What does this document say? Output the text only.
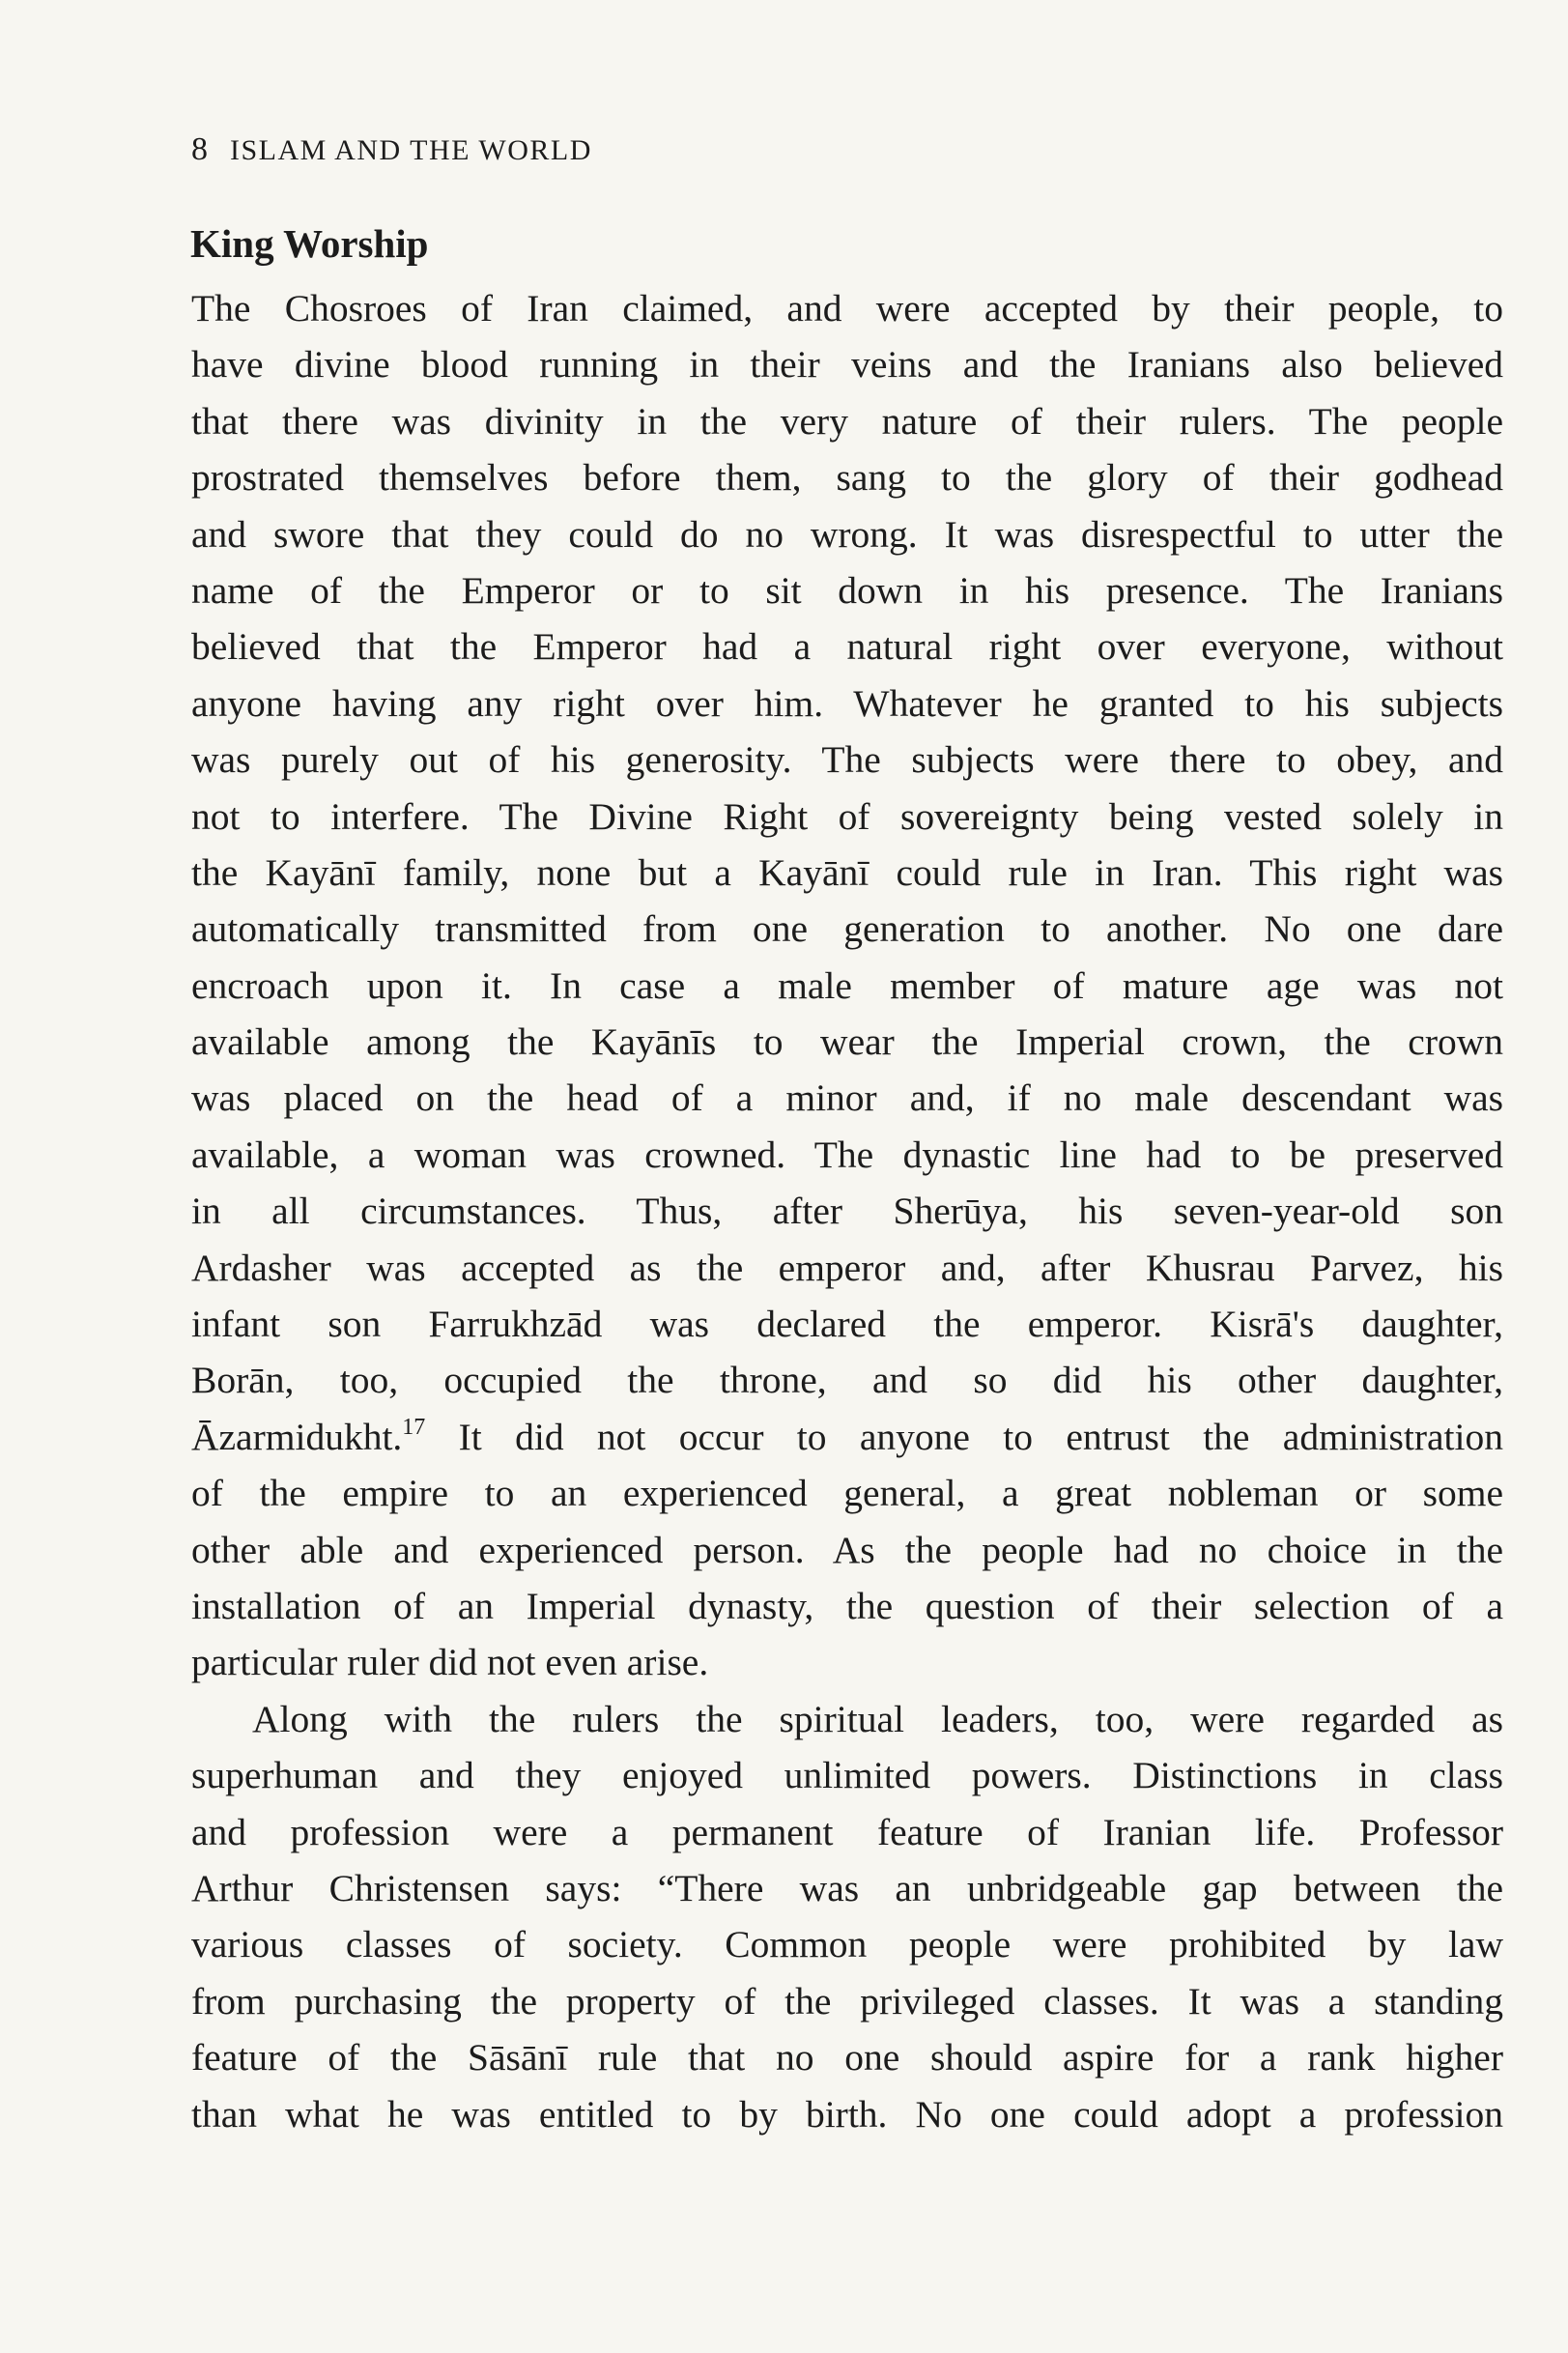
8 ISLAM AND THE WORLD
King Worship
The Chosroes of Iran claimed, and were accepted by their people, to
have divine blood running in their veins and the Iranians also believed
that there was divinity in the very nature of their rulers. The people
prostrated themselves before them, sang to the glory of their godhead
and swore that they could do no wrong. It was disrespectful to utter the
name of the Emperor or to sit down in his presence. The Iranians
believed that the Emperor had a natural right over everyone, without
anyone having any right over him. Whatever he granted to his subjects
was purely out of his generosity. The subjects were there to obey, and
not to interfere. The Divine Right of sovereignty being vested solely in
the Kayānī family, none but a Kayānī could rule in Iran. This right was
automatically transmitted from one generation to another. No one dare
encroach upon it. In case a male member of mature age was not
available among the Kayānīs to wear the Imperial crown, the crown
was placed on the head of a minor and, if no male descendant was
available, a woman was crowned. The dynastic line had to be preserved
in all circumstances. Thus, after Sherūya, his seven-year-old son
Ardasher was accepted as the emperor and, after Khusrau Parvez, his
infant son Farrukhzād was declared the emperor. Kisrā's daughter,
Borān, too, occupied the throne, and so did his other daughter,
Āzarmidukht.$^{17}$ It did not occur to anyone to entrust the administration
of the empire to an experienced general, a great nobleman or some
other able and experienced person. As the people had no choice in the
installation of an Imperial dynasty, the question of their selection of a
particular ruler did not even arise.
Along with the rulers the spiritual leaders, too, were regarded as
superhuman and they enjoyed unlimited powers. Distinctions in class
and profession were a permanent feature of Iranian life. Professor
Arthur Christensen says: “There was an unbridgeable gap between the
various classes of society. Common people were prohibited by law
from purchasing the property of the privileged classes. It was a standing
feature of the Sāsānī rule that no one should aspire for a rank higher
than what he was entitled to by birth. No one could adopt a profession
